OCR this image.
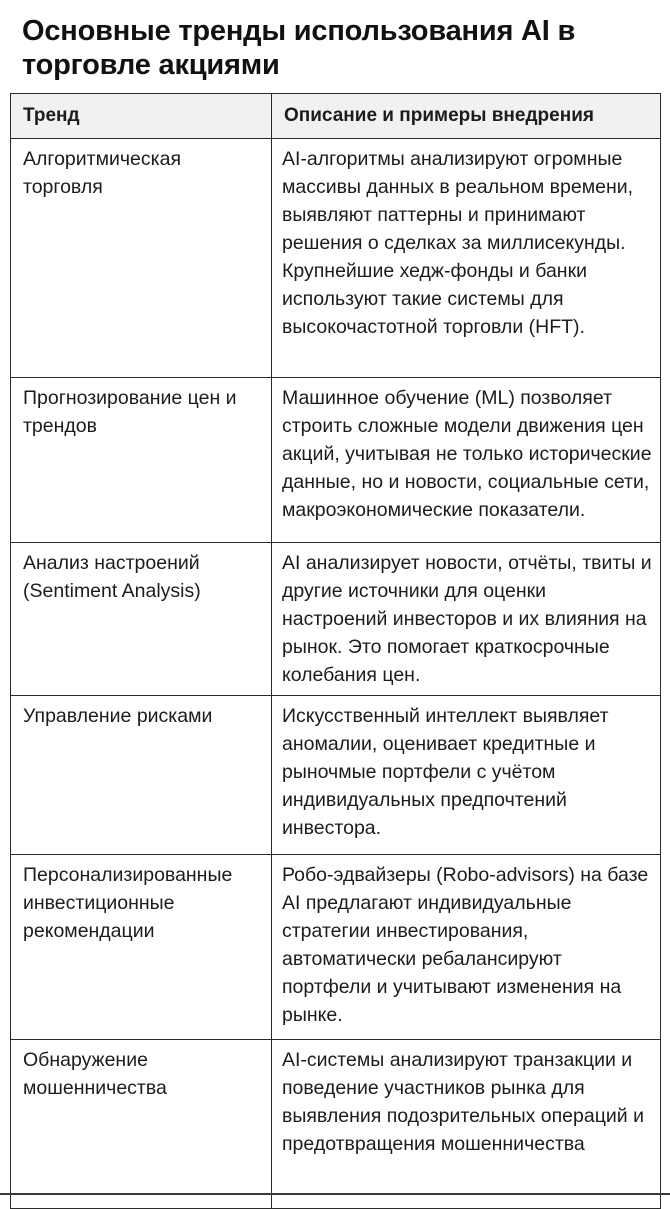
Основные тренды использования AI в торговле акциями
Тренд	Описание и примеры внедрения
Алгоритмическая торговля	AI-алгоритмы анализируют огромные массивы данных в реальном времени, выявляют паттерны и принимают решения о сделках за миллисекунды. Крупнейшие хедж-фонды и банки используют такие системы для высокочастотной торговли (HFT).
Прогнозирование цен и трендов	Машинное обучение (ML) позволяет строить сложные модели движения цен акций, учитывая не только исторические данные, но и новости, социальные сети, макроэкономические показатели.

Анализ настроений (Sentiment Analysis)	AI анализирует новости, отчёты, твиты и другие источники для оценки настроений инвесторов и их влияния на рынок. Это помогает краткосрочные колебания цен.
Управление рисками	Искусственный интеллект выявляет аномалии, оценивает кредитные и рыночмые портфели с учётом индивидуальных предпочтений инвестора.
Персонализированные инвестиционные рекомендации	Робо-эдвайзеры (Robo-advisors) на базе AI предлагают индивидуальные стратегии инвестирования, автоматически ребалансируют портфели и учитывают изменения на рынке.
Обнаружение мошенничества	AI-системы анализируют транзакции и поведение участников рынка для выявления подозрительных операций и предотвращения мошенничества
